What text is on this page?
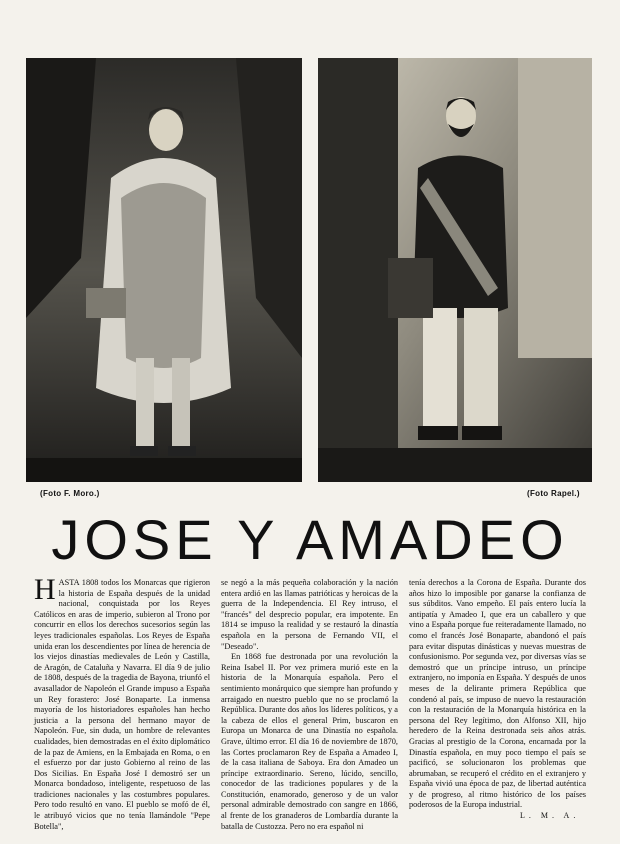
(Foto F. Moro.)	(Foto Rapel.)
JOSE Y AMADEO

HASTA 1808 todos los Monarcas que rigieron la historia de España después de la unidad nacional, conquistada por los Reyes Católicos en aras de imperio, subieron al Trono por concurrir en ellos los derechos sucesorios según las leyes tradicionales españolas. Los Reyes de España unida eran los descendientes por línea de herencia de los viejos dinastías medievales de León y Castilla, de Aragón, de Cataluña y Navarra. El día 9 de julio de 1808, después de la tragedia de Bayona, triunfó el avasallador de Napoleón el Grande impuso a España un Rey forastero: José Bonaparte. La inmensa mayoría de los historiadores españoles han hecho justicia a la persona del hermano mayor de Napoleón. Fue, sin duda, un hombre de relevantes cualidades, bien demostradas en el éxito diplomático de la paz de Amiens, en la Embajada en Roma, o en el esfuerzo por dar justo Gobierno al reino de las Dos Sicilias. En España José I demostró ser un Monarca bondadoso, inteligente, respetuoso de las tradiciones nacionales y las costumbres populares. Pero todo resultó en vano. El pueblo se mofó de él, le atribuyó vicios que no tenía llamándole "Pepe Botella",

se negó a la más pequeña colaboración y la nación entera ardió en las llamas patrióticas y heroicas de la guerra de la Independencia. El Rey intruso, el "francés" del desprecio popular, era impotente. En 1814 se impuso la realidad y se restauró la dinastía española en la persona de Fernando VII, el "Deseado".

En 1868 fue destronada por una revolución la Reina Isabel II. Por vez primera murió este en la historia de la Monarquía española. Pero el sentimiento monárquico que siempre han profundo y arraigado en nuestro pueblo que no se proclamó la República. Durante dos años los líderes políticos, y a la cabeza de ellos el general Prim, buscaron en Europa un Monarca de una Dinastía no española. Grave, último error. El día 16 de noviembre de 1870, las Cortes proclamaron Rey de España a Amadeo I, de la casa italiana de Saboya. Era don Amadeo un príncipe extraordinario. Sereno, lúcido, sencillo, conocedor de las tradiciones populares y de la Constitución, enamorado, generoso y de un valor personal admirable demostrado con sangre en 1866, al frente de los granaderos de Lombardía durante la batalla de Custozza. Pero no era español ni

tenía derechos a la Corona de España. Durante dos años hizo lo imposible por ganarse la confianza de sus súbditos. Vano empeño. El país entero lucía la antipatía y Amadeo I, que era un caballero y que vino a España porque fue reiteradamente llamado, no como el francés José Bonaparte, abandonó el país para evitar disputas dinásticas y nuevas muestras de confusionismo. Por segunda vez, por diversas vías se demostró que un príncipe intruso, un príncipe extranjero, no imponía en España. Y después de unos meses de la delirante primera República que condenó al país, se impuso de nuevo la restauración con la restauración de la Monarquía histórica en la persona del Rey legítimo, don Alfonso XII, hijo heredero de la Reina destronada seis años atrás. Gracias al prestigio de la Corona, encarnada por la Dinastía española, en muy poco tiempo el país se pacificó, se solucionaron los problemas que abrumaban, se recuperó el crédito en el extranjero y España vivió una época de paz, de libertad auténtica y de progreso, al ritmo histórico de los países poderosos de la Europa industrial.

L. M. A.
